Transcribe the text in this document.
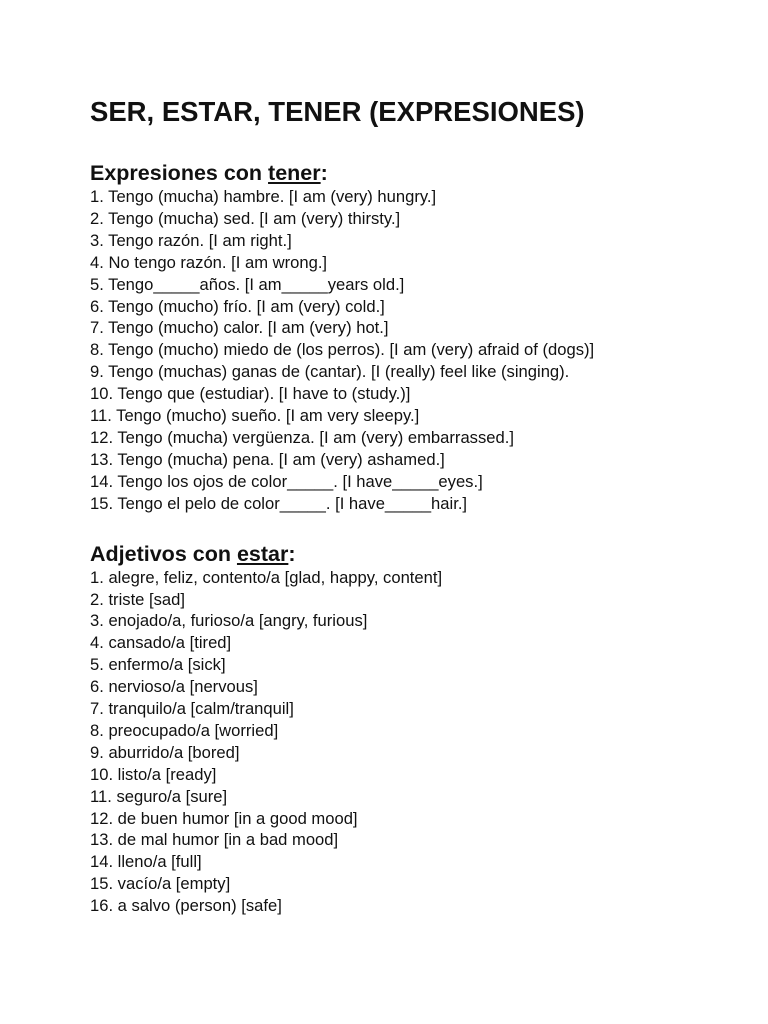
SER, ESTAR, TENER (EXPRESIONES)
Expresiones con tener:
1. Tengo (mucha) hambre. [I am (very) hungry.]
2. Tengo (mucha) sed. [I am (very) thirsty.]
3. Tengo razón. [I am right.]
4. No tengo razón. [I am wrong.]
5. Tengo_____años. [I am_____years old.]
6. Tengo (mucho) frío. [I am (very) cold.]
7. Tengo (mucho) calor. [I am (very) hot.]
8. Tengo (mucho) miedo de (los perros). [I am (very) afraid of (dogs)]
9. Tengo (muchas) ganas de (cantar). [I (really) feel like (singing).
10. Tengo que (estudiar). [I have to (study.)]
11. Tengo (mucho) sueño. [I am very sleepy.]
12. Tengo (mucha) vergüenza. [I am (very) embarrassed.]
13. Tengo (mucha) pena. [I am (very) ashamed.]
14. Tengo los ojos de color_____. [I have_____eyes.]
15. Tengo el pelo de color_____. [I have_____hair.]
Adjetivos con estar:
1. alegre, feliz, contento/a [glad, happy, content]
2. triste [sad]
3. enojado/a, furioso/a [angry, furious]
4. cansado/a [tired]
5. enfermo/a [sick]
6. nervioso/a [nervous]
7. tranquilo/a [calm/tranquil]
8. preocupado/a [worried]
9. aburrido/a [bored]
10. listo/a [ready]
11. seguro/a [sure]
12. de buen humor [in a good mood]
13. de mal humor [in a bad mood]
14. lleno/a [full]
15. vacío/a [empty]
16. a salvo (person) [safe]
